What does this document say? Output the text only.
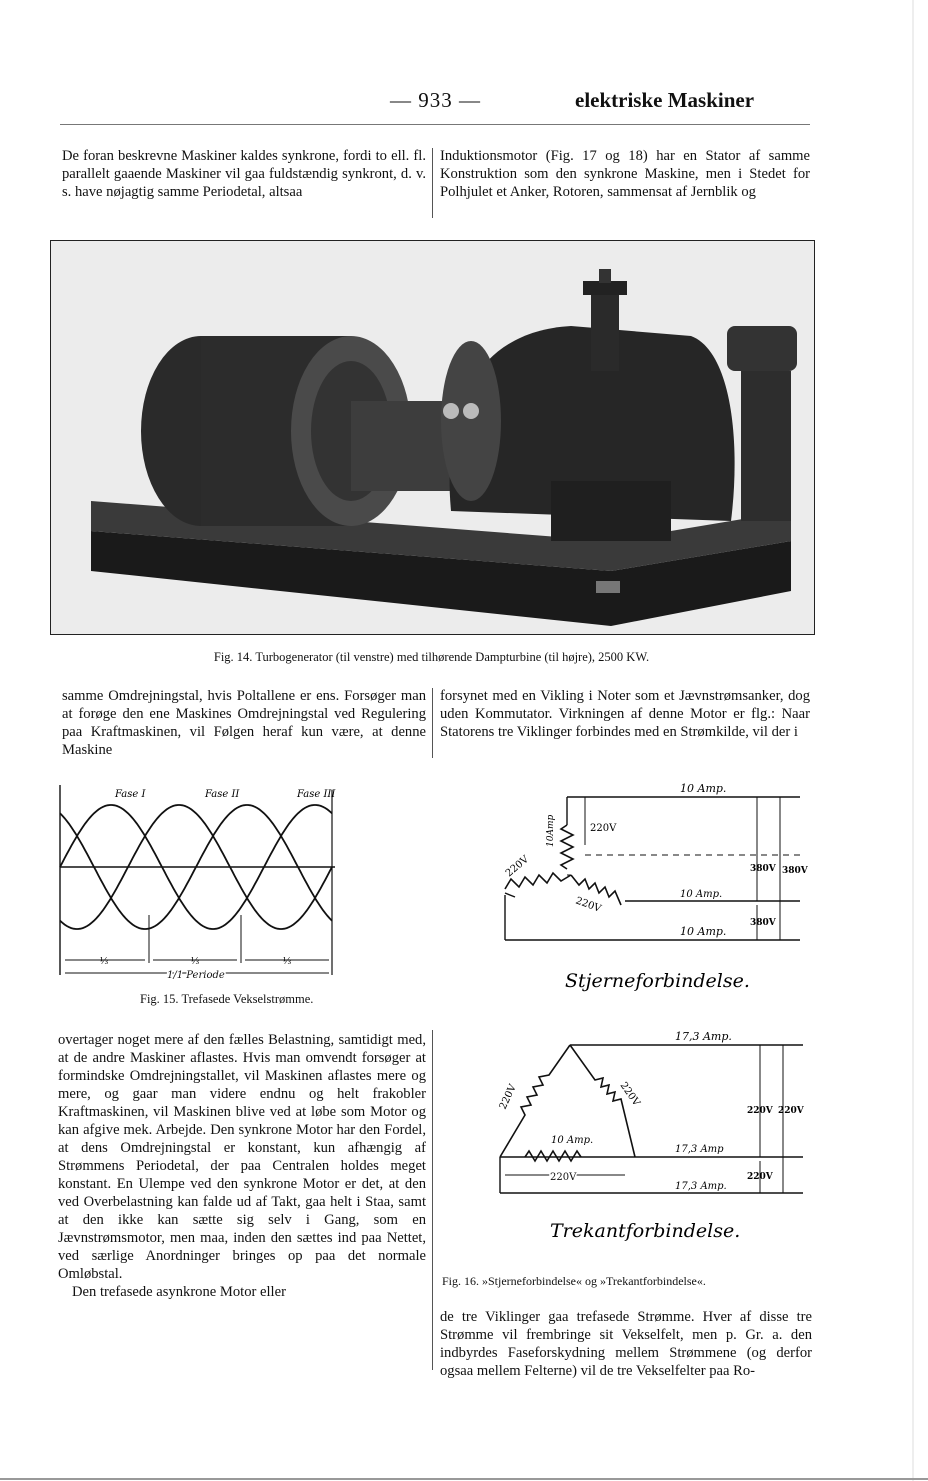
— 933 —	elektriske Maskiner
De foran beskrevne Maskiner kaldes synkrone, fordi to ell. fl. parallelt gaaende Maskiner vil gaa fuldstændig synkront, d. v. s. have nøjagtig samme Periodetal, altsaa
Induktionsmotor (Fig. 17 og 18) har en Stator af samme Konstruktion som den synkrone Maskine, men i Stedet for Polhjulet et Anker, Rotoren, sammensat af Jernblik og
Fig. 14. Turbogenerator (til venstre) med tilhørende Dampturbine (til højre), 2500 KW.
samme Omdrejningstal, hvis Poltallene er ens. Forsøger man at forøge den ene Maskines Omdrejningstal ved Regulering paa Kraftmaskinen, vil Følgen heraf kun være, at denne Maskine
forsynet med en Vikling i Noter som et Jævnstrømsanker, dog uden Kommutator. Virkningen af denne Motor er flg.: Naar Statorens tre Viklinger forbindes med en Strømkilde, vil der i
Fase I	Fase II	Fase III
⅓	⅓	⅓
1/1 Periode
Fig. 15. Trefasede Vekselstrømme.
10 Amp.
10Amp	220V
220V
220V
10 Amp.
10 Amp.
380V 380V
380V
Stjerneforbindelse.
17,3 Amp.
220V	220V
10 Amp.
220V
17,3 Amp
17,3 Amp.
220V 220V
220V
Trekantforbindelse.
Fig. 16. »Stjerneforbindelse« og »Trekantforbindelse«.

overtager noget mere af den fælles Belastning, samtidigt med, at de andre Maskiner aflastes. Hvis man omvendt forsøger at formindske Omdrejningstallet, vil Maskinen aflastes mere og mere, og gaar man videre endnu og helt frakobler Kraftmaskinen, vil Maskinen blive ved at løbe som Motor og kan afgive mek. Arbejde. Den synkrone Motor har den Fordel, at dens Omdrejningstal er konstant, kun afhængig af Strømmens Periodetal, der paa Centralen holdes meget konstant. En Ulempe ved den synkrone Motor er det, at den ved Overbelastning kan falde ud af Takt, gaa helt i Staa, samt at den ikke kan sætte sig selv i Gang, som en Jævnstrømsmotor, men maa, inden den sættes ind paa Nettet, ved særlige Anordninger bringes op paa det normale Omløbstal.

Den trefasede asynkrone Motor eller

de tre Viklinger gaa trefasede Strømme. Hver af disse tre Strømme vil frembringe sit Vekselfelt, men p. Gr. a. den indbyrdes Faseforskydning mellem Strømmene (og derfor ogsaa mellem Felterne) vil de tre Vekselfelter paa Ro-
